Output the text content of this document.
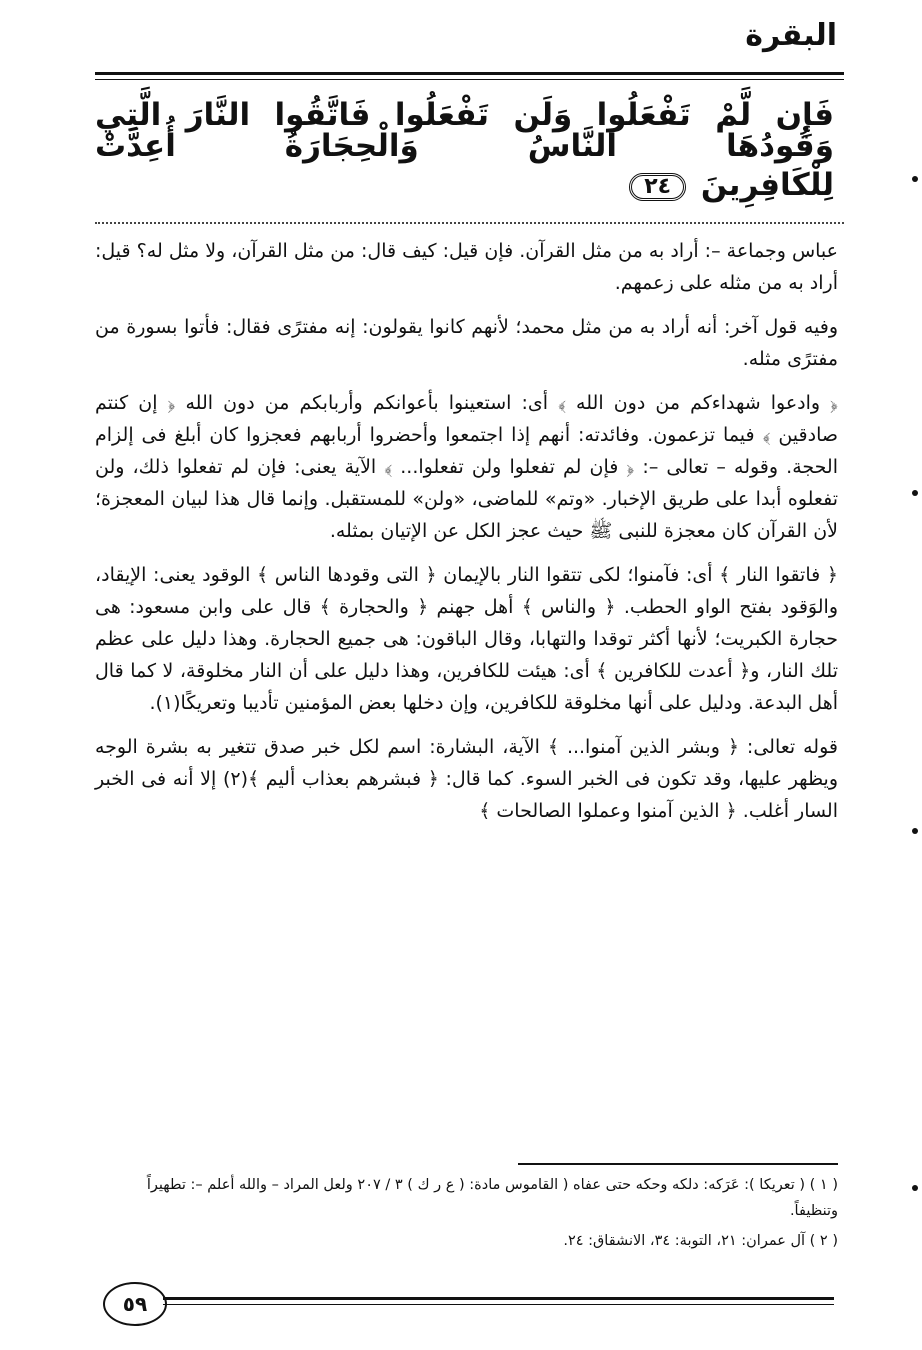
البقرة
فَإِن لَّمْ تَفْعَلُوا وَلَن تَفْعَلُوا فَاتَّقُوا النَّارَ الَّتِي وَقُودُهَا النَّاسُ وَالْحِجَارَةُ أُعِدَّتْ
لِلْكَافِرِينَ ٢٤

عباس وجماعة –: أراد به من مثل القرآن. فإن قيل: كيف قال: من مثل القرآن، ولا مثل له؟ قيل: أراد به من مثله على زعمهم.

وفيه قول آخر: أنه أراد به من مثل محمد؛ لأنهم كانوا يقولون: إنه مفترًى فقال: فأتوا بسورة من مفترًى مثله.

﴿ وادعوا شهداءكم من دون الله ﴾ أى: استعينوا بأعوانكم وأربابكم من دون الله ﴿ إن كنتم صادقين ﴾ فيما تزعمون. وفائدته: أنهم إذا اجتمعوا وأحضروا أربابهم فعجزوا كان أبلغ فى إلزام الحجة. وقوله – تعالى –: ﴿ فإن لم تفعلوا ولن تفعلوا... ﴾ الآية يعنى: فإن لم تفعلوا ذلك، ولن تفعلوه أبدا على طريق الإخبار. «وتم» للماضى، «ولن» للمستقبل. وإنما قال هذا لبيان المعجزة؛ لأن القرآن كان معجزة للنبى ﷺ حيث عجز الكل عن الإتيان بمثله.

﴿ فاتقوا النار ﴾ أى: فآمنوا؛ لكى تتقوا النار بالإيمان ﴿ التى وقودها الناس ﴾ الوقود يعنى: الإيقاد، والوَقود بفتح الواو الحطب. ﴿ والناس ﴾ أهل جهنم ﴿ والحجارة ﴾ قال على وابن مسعود: هى حجارة الكبريت؛ لأنها أكثر توقدا والتهابا، وقال الباقون: هى جميع الحجارة. وهذا دليل على عظم تلك النار، و﴿ أعدت للكافرين ﴾ أى: هيئت للكافرين، وهذا دليل على أن النار مخلوقة، لا كما قال أهل البدعة. ودليل على أنها مخلوقة للكافرين، وإن دخلها بعض المؤمنين تأديبا وتعريكًا(١).

قوله تعالى: ﴿ وبشر الذين آمنوا... ﴾ الآية، البشارة: اسم لكل خبر صدق تتغير به بشرة الوجه ويظهر عليها، وقد تكون فى الخبر السوء. كما قال: ﴿ فبشرهم بعذاب أليم ﴾(٢) إلا أنه فى الخبر السار أغلب. ﴿ الذين آمنوا وعملوا الصالحات ﴾

( ١ ) ( تعريكا ): عَرَكه: دلكه وحكه حتى عفاه ( القاموس مادة: ( ع ر ك ) ٣ / ٢٠٧ ولعل المراد – والله أعلم –: تطهيراً وتنظيفاً.

( ٢ ) آل عمران: ٢١، التوبة: ٣٤، الانشقاق: ٢٤.

٥٩
